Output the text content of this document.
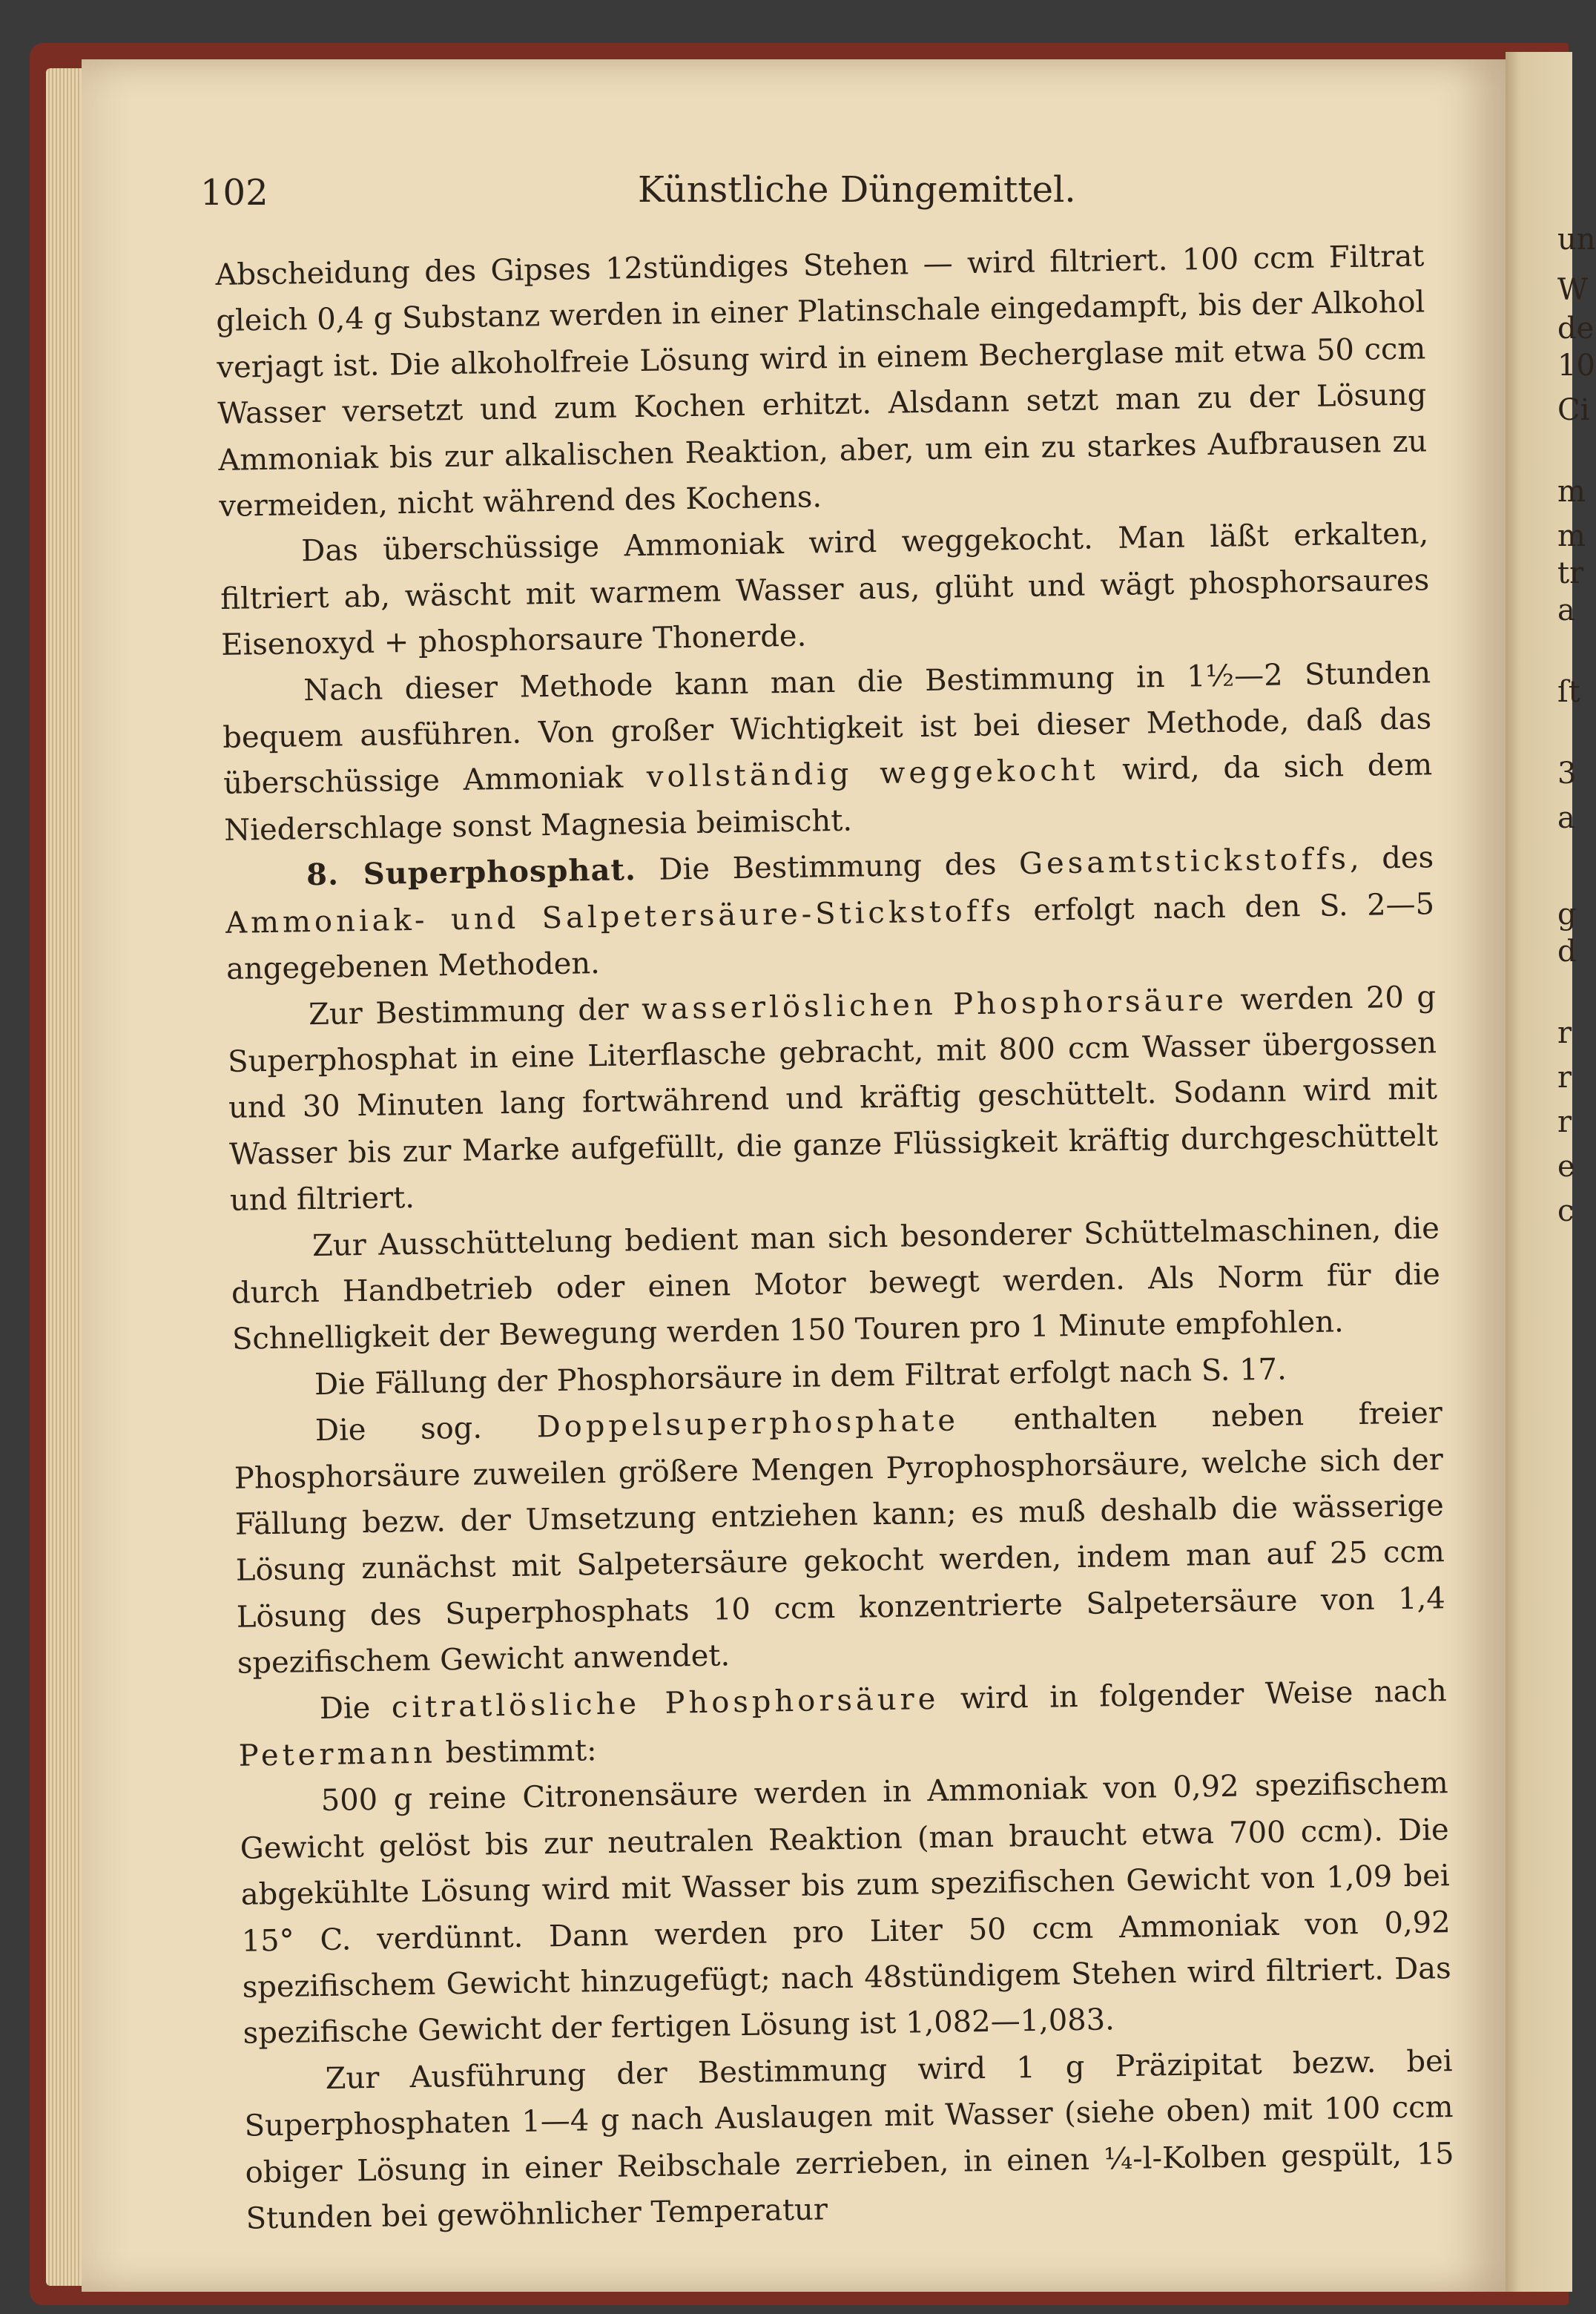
un
W
de
10
Ci
m
m
tr
a
ſt
3
a
g
d
r
r
r
e
c
102	Künstliche Düngemittel.

Abscheidung des Gipses 12stündiges Stehen — wird filtriert. 100 ccm Filtrat gleich 0,4 g Substanz werden in einer Platinschale eingedampft, bis der Alkohol verjagt ist. Die alkoholfreie Lösung wird in einem Becherglase mit etwa 50 ccm Wasser versetzt und zum Kochen erhitzt. Alsdann setzt man zu der Lösung Ammoniak bis zur alkalischen Reaktion, aber, um ein zu starkes Aufbrausen zu vermeiden, nicht während des Kochens.

Das überschüssige Ammoniak wird weggekocht. Man läßt erkalten, filtriert ab, wäscht mit warmem Wasser aus, glüht und wägt phosphorsaures Eisenoxyd + phosphorsaure Thonerde.

Nach dieser Methode kann man die Bestimmung in 1½—2 Stunden bequem ausführen. Von großer Wichtigkeit ist bei dieser Methode, daß das überschüssige Ammoniak vollständig weggekocht wird, da sich dem Niederschlage sonst Magnesia beimischt.

8. Superphosphat. Die Bestimmung des Gesamtstickstoffs, des Ammoniak- und Salpetersäure-Stickstoffs erfolgt nach den S. 2—5 angegebenen Methoden.

Zur Bestimmung der wasserlöslichen Phosphorsäure werden 20 g Superphosphat in eine Literflasche gebracht, mit 800 ccm Wasser übergossen und 30 Minuten lang fortwährend und kräftig geschüttelt. Sodann wird mit Wasser bis zur Marke aufgefüllt, die ganze Flüssigkeit kräftig durchgeschüttelt und filtriert.

Zur Ausschüttelung bedient man sich besonderer Schüttelmaschinen, die durch Handbetrieb oder einen Motor bewegt werden. Als Norm für die Schnelligkeit der Bewegung werden 150 Touren pro 1 Minute empfohlen.

Die Fällung der Phosphorsäure in dem Filtrat erfolgt nach S. 17.

Die sog. Doppelsuperphosphate enthalten neben freier Phosphorsäure zuweilen größere Mengen Pyrophosphorsäure, welche sich der Fällung bezw. der Umsetzung entziehen kann; es muß deshalb die wässerige Lösung zunächst mit Salpetersäure gekocht werden, indem man auf 25 ccm Lösung des Superphosphats 10 ccm konzentrierte Salpetersäure von 1,4 spezifischem Gewicht anwendet.

Die citratlösliche Phosphorsäure wird in folgender Weise nach Petermann bestimmt:

500 g reine Citronensäure werden in Ammoniak von 0,92 spezifischem Gewicht gelöst bis zur neutralen Reaktion (man braucht etwa 700 ccm). Die abgekühlte Lösung wird mit Wasser bis zum spezifischen Gewicht von 1,09 bei 15° C. verdünnt. Dann werden pro Liter 50 ccm Ammoniak von 0,92 spezifischem Gewicht hinzugefügt; nach 48stündigem Stehen wird filtriert. Das spezifische Gewicht der fertigen Lösung ist 1,082—1,083.

Zur Ausführung der Bestimmung wird 1 g Präzipitat bezw. bei Superphosphaten 1—4 g nach Auslaugen mit Wasser (siehe oben) mit 100 ccm obiger Lösung in einer Reibschale zerrieben, in einen ¼-l-Kolben gespült, 15 Stunden bei gewöhnlicher Temperatur
